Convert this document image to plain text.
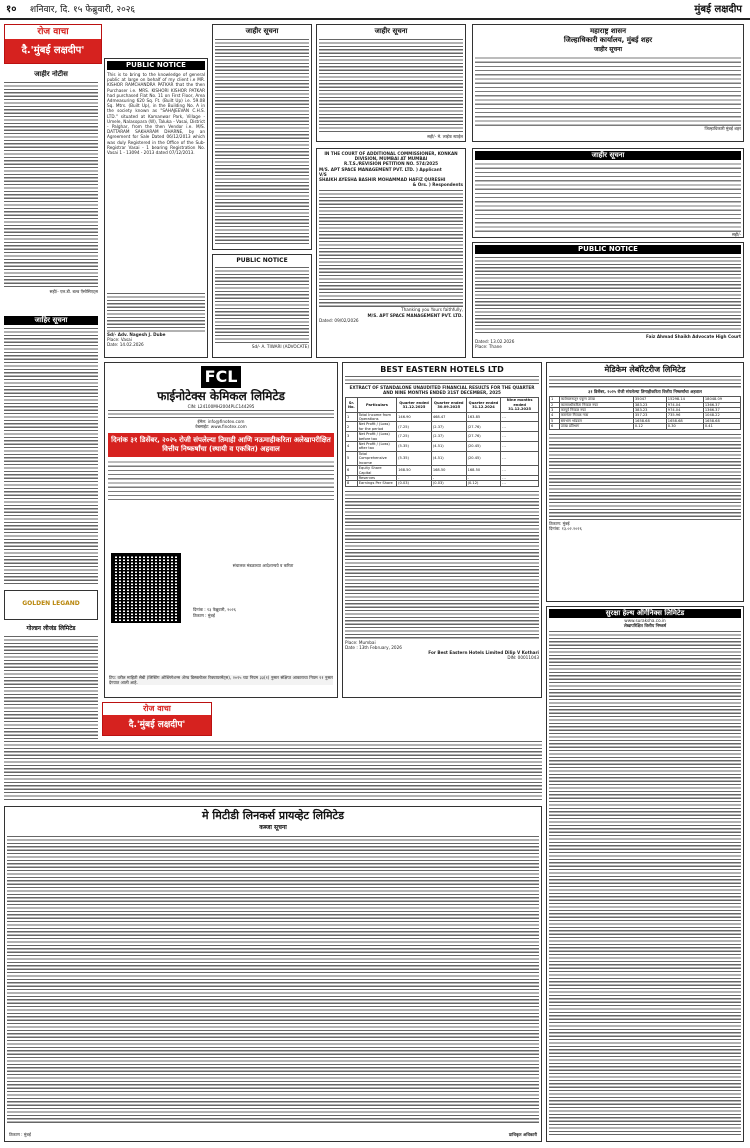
१० शनिवार, दि. १५ फेब्रुवारी, २०२६	मुंबई लक्षदीप
रोज वाचा
दै.'मुंबई लक्षदीप'
जाहीर नोटीस
सही/- एल.डी. बल्ड ऍसोसिएट्स
जाहिर सूचना
PUBLIC NOTICE
This is to bring to the knowledge of general public at large on behalf of my client i.e MR. KISHOR RAMCHANDRA PATKAR that the then Purchaser i.e. MRS. KISHORI KISHOR PATKAR had purchased Flat No. 11 on First Floor, Area Admeasuring 620 Sq. Ft. (Built Up) i.e. 59.08 Sq. Mtrs. (Built Up), in the Building No. A in the society known as "SAHAJEEVAN C.H.S. LTD." situated at Kamanwar Park, Village - Umele, Nalasopara (W), Taluka - Vasai, District - Palghar, from the then Vendor i.e. M/S. DATTARAM SAKHARAM DHARNE, by an Agreement for Sale Dated 06/12/2013 which was duly Registered in the Office of the Sub-Registrar Vasai - 1 bearing Registration No. Vasai 1 - 13094 - 2013 dated 07/12/2013.
Sd/- Adv. Nagesh J. Dube
Place: Vasai
Date: 14.02.2026
जाहीर सूचना
PUBLIC NOTICE
Sd/- A. TIWARI (ADVOCATE)
जाहीर सूचना
सही/- मे. लाईफ स्टाईल
IN THE COURT OF ADDITIONAL COMMISSIONER, KONKAN DIVISION, MUMBAI AT MUMBAI
R.T.S./REVISION PETITION NO. 574/2025
M/S. APT SPACE MANAGEMENT PVT. LTD. ) Applicant
V/S
SHAIKH AYESHA BASHIR MOHAMMAD HAFIZ QURESHI
& Ors. ) Respondents
Thanking you Yours faithfully,
M/S. APT SPACE MANAGEMENT PVT. LTD.
Dated: 09/02/2026
महाराष्ट्र शासन
जिल्हाधिकारी कार्यालय, मुंबई शहर
जाहीर सूचना
जिल्हाधिकारी मुंबई शहर
जाहीर सूचना
सही/-
PUBLIC NOTICE
Faiz Ahmad Shaikh Advocate High Court
Dated: 13.02.2026
Place: Thane
FCL
फाईनोटेक्स केमिकल लिमिटेड
CIN: L24100MH2004PLC144295
ईमेल: info@finotex.com
वेबसाईट: www.finotex.com
दिनांक ३१ डिसेंबर, २०२५ रोजी संपलेल्या तिमाही आणि नऊमाहीकरिता अलेखापरीक्षित वित्तीय निष्कर्षांचा (स्थायी व एकत्रित) अहवाल
संचालक मंडळाच्या आदेशान्वये व करिता
दिनांक : १३ फेब्रुवारी, २०२६
ठिकाण : मुंबई
टिप: वरील माहिती सेबी (लिस्टिंग ऑब्लिगेशन्स ॲण्ड डिस्क्लोजर रिक्वायरमेंट्स), २०१५ च्या नियम ३३(१) नुसार संक्षिप्त आकाराचा नियम ११ नुसार देण्यात आली आहे.
BEST EASTERN HOTELS LTD
EXTRACT OF STANDALONE UNAUDITED FINANCIAL RESULTS FOR THE QUARTER AND NINE MONTHS ENDED 31ST DECEMBER, 2025
Sr. No.	Particulars	Quarter ended 31.12.2025	Quarter ended 30.09.2025	Quarter ended 31.12.2024	Nine months ended 31.12.2025
1	Total Income from Operations	146.90	468.47	163.85	...
2	Net Profit / (Loss) for the period	(7.25)	(2.37)	(27.76)	...
3	Net Profit / (Loss) before tax	(7.25)	(2.37)	(27.76)	...
4	Net Profit / (Loss) after tax	(5.35)	(4.51)	(20.45)	...
5	Total Comprehensive Income	(5.35)	(4.51)	(20.45)	...
6	Equity Share Capital	168.50	168.50	168.50	...
7	Reserves	-	-	-	...
8	Earnings Per Share	(0.03)	(0.03)	(0.12)	...
Place: Mumbai
Date : 13th February, 2026
For Best Eastern Hotels Limited Dilip V Kothari
DIN: 00011043
मेडिकेम लेबॉरेटरीज लिमिटेड
३१ डिसेंबर, २०२५ रोजी संपलेल्या तिमाहीकरिता वित्तीय निष्कर्षांचा अहवाल
1	कार्यचलनातून एकूण उत्पन्न	35047	15298.14	18048.09
2	कालावधीकरिता निव्वळ नफा	383.23	974.04	1366.37
3	करपूर्व निव्वळ नफा	383.23	974.04	1366.37
4	करानंतर निव्वळ नफा	357.23	735.96	1048.22
5	समभाग भांडवल	1658.68	1658.68	1658.68
6	उत्पन्न प्रतिभाग	0.12	0.30	0.41
ठिकाण: मुंबई
दिनांक: १३.०२.२०२६
सुरक्षा हेल्थ ऑर्गेनिक्स लिमिटेड
www.suraksha.co.in
लेखापरिक्षित वित्तीय निष्कर्ष
GOLDEN LEGAND
रोज वाचा
दै.'मुंबई लक्षदीप'
गोल्डन लीजंड लिमिटेड
मे मिटीडी लिनकर्स प्रायव्हेट लिमिटेड
कब्जा सूचना
ठिकाण : मुंबई	प्राधिकृत अधिकारी
